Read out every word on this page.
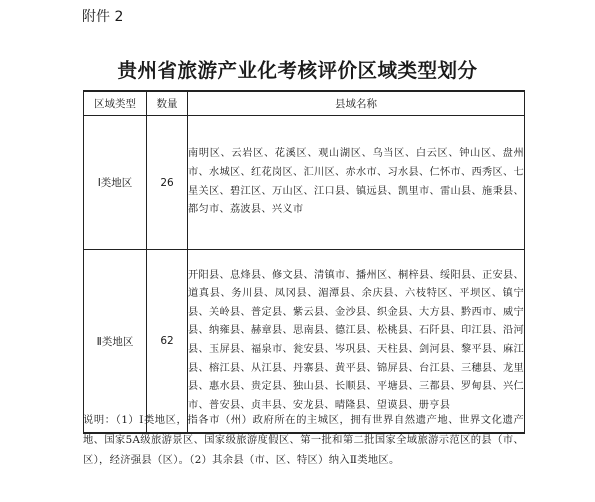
附件 2
贵州省旅游产业化考核评价区域类型划分
区域类型	数量	县域名称
Ⅰ类地区	26	南明区、云岩区、花溪区、观山湖区、乌当区、白云区、钟山区、盘州市、水城区、红花岗区、汇川区、赤水市、习水县、仁怀市、西秀区、七星关区、碧江区、万山区、江口县、镇远县、凯里市、雷山县、施秉县、都匀市、荔波县、兴义市
Ⅱ类地区	62	开阳县、息烽县、修文县、清镇市、播州区、桐梓县、绥阳县、正安县、道真县、务川县、凤冈县、湄潭县、余庆县、六枝特区、平坝区、镇宁县、关岭县、普定县、紫云县、金沙县、织金县、大方县、黔西市、威宁县、纳雍县、赫章县、思南县、德江县、松桃县、石阡县、印江县、沿河县、玉屏县、福泉市、瓮安县、岑巩县、天柱县、剑河县、黎平县、麻江县、榕江县、从江县、丹寨县、黄平县、锦屏县、台江县、三穗县、龙里县、惠水县、贵定县、独山县、长顺县、平塘县、三都县、罗甸县、兴仁市、普安县、贞丰县、安龙县、晴隆县、望谟县、册亨县
说明：（1）Ⅰ类地区，指各市（州）政府所在的主城区，拥有世界自然遗产地、世界文化遗产地、国家5A级旅游景区、国家级旅游度假区、第一批和第二批国家全域旅游示范区的县（市、区），经济强县（区）。（2）其余县（市、区、特区）纳入Ⅱ类地区。
